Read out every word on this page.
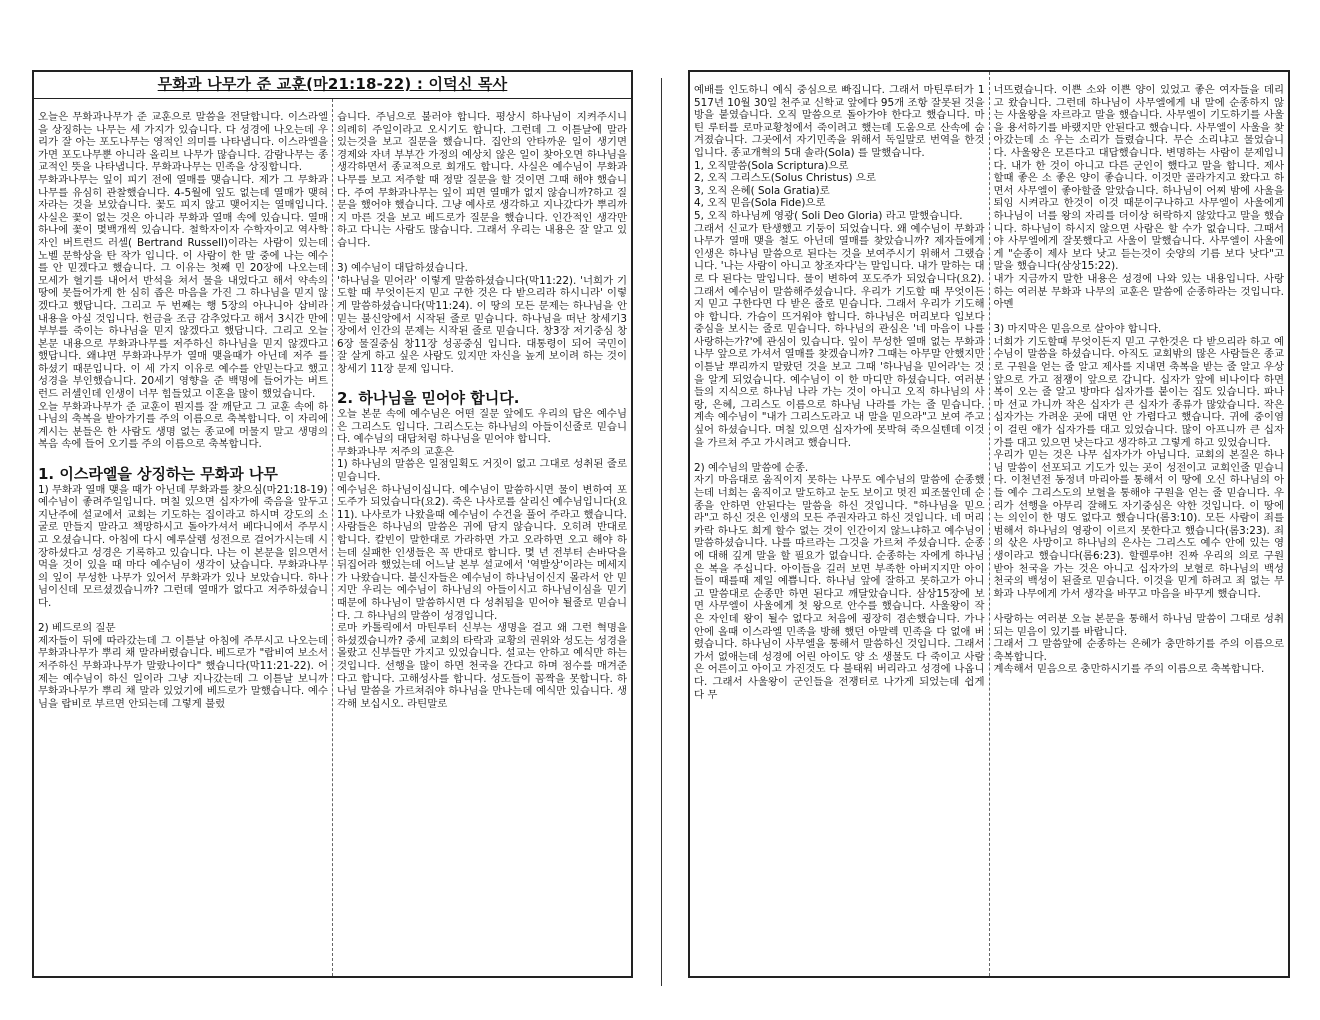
무화과 나무가 준 교훈(마21:18-22) : 이덕신 목사

오늘은 무화과나무가 준 교훈으로 말씀을 전달합니다. 이스라엘을 상징하는 나무는 세 가지가 있습니다. 다 성경에 나오는데 우리가 잘 아는 포도나무는 영적인 의미를 나타냅니다. 이스라엘을 가면 포도나무뿐 아니라 올리브 나무가 많습니다. 감람나무는 종교적인 뜻을 나타냅니다. 무화과나무는 민족을 상징합니다.

무화과나무는 잎이 피기 전에 열매를 맺습니다. 제가 그 무화과나무를 유심히 관찰했습니다. 4-5월에 잎도 없는데 열매가 맺혀 자라는 것을 보았습니다. 꽃도 피지 않고 맺어지는 열매입니다. 사실은 꽃이 없는 것은 아니라 무화과 열매 속에 있습니다. 열매 하나에 꽃이 몇백개씩 있습니다. 철학자이자 수학자이고 역사학자인 버트런드 러셀( Bertrand Russell)이라는 사람이 있는데 노벨 문학상을 탄 작가 입니다. 이 사람이 한 말 중에 나는 예수를 안 믿겠다고 했습니다. 그 이유는 첫째 민 20장에 나오는데 모세가 혈기를 내어서 반석을 쳐서 물을 내었다고 해서 약속의 땅에 못들어가게 한 심히 좁은 마음을 가진 그 하나님을 믿지 않겠다고 했답니다. 그리고 두 번째는 행 5장의 아나니아 삽비라 내용을 아실 것입니다. 헌금을 조금 감추었다고 해서 3시간 만에 부부를 죽이는 하나님을 믿지 않겠다고 했답니다. 그리고 오늘 본문 내용으로 무화과나무를 저주하신 하나님을 믿지 않겠다고 했답니다. 왜냐면 무화과나무가 열매 맺을때가 아닌데 저주 를 하셨기 때문입니다. 이 세 가지 이유로 예수를 안믿는다고 했고 성경을 부인했습니다. 20세기 영향을 준 백명에 들어가는 버트런드 러셀인데 인생이 너무 힘들었고 이혼을 많이 했었습니다.

오늘 무화과나무가 준 교훈이 뭔지를 잘 깨닫고 그 교훈 속에 하나님의 축복을 받아가기를 주의 이름으로 축복합니다. 이 자리에 계시는 분들은 한 사람도 생명 없는 종교에 머물지 말고 생명의 복음 속에 들어 오기를 주의 이름으로 축복합니다.

1. 이스라엘을 상징하는 무화과 나무

1) 무화과 열매 맺을 때가 아닌데 무화과를 찾으심(마21:18-19)

예수님이 좋려주일입니다. 며칠 있으면 십자가에 죽음을 앞두고 지난주에 설교에서 교회는 기도하는 집이라고 하시며 강도의 소굴로 만들지 말라고 책망하시고 돌아가셔서 베다니에서 주무시고 오셨습니다. 아침에 다시 예루살렘 성전으로 걸어가시는데 시장하셨다고 성경은 기록하고 있습니다. 나는 이 본문을 읽으면서 먹을 것이 있을 때 마다 예수님이 생각이 났습니다. 무화과나무의 잎이 무성한 나무가 있어서 무화과가 있나 보았습니다. 하나님이신데 모르셨겠습니까? 그런데 열매가 없다고 저주하셨습니다.

2) 베드로의 질문

제자들이 뒤에 따라갔는데 그 이튿날 아침에 주무시고 나오는데 무화과나무가 뿌리 채 말라버렸습니다. 베드로가 "랍비여 보소서 저주하신 무화과나무가 말랐나이다" 했습니다(막11:21-22). 어제는 예수님이 하신 일이라 그냥 지나갔는데 그 이튿날 보니까 무화과나무가 뿌리 채 말라 있었기에 베드로가 말했습니다. 예수님을 랍비로 부르면 안되는데 그렇게 불렀

습니다. 주님으로 불러야 합니다. 평상시 하나님이 지켜주시니 의례히 주일이라고 오시기도 합니다. 그런데 그 이튿날에 말라 있는것을 보고 질문을 했습니다. 집안의 안타까운 일이 생기면 경제와 자녀 부부간 가정의 예상치 않은 일이 찾아오면 하나님을 생각하면서 종교적으로 회개도 합니다. 사실은 예수님이 무화과나무를 보고 저주할 때 정말 질문을 할 것이면 그때 해야 했습니다. 주여 무화과나무는 잎이 피면 열매가 없지 않습니까?하고 질문을 했어야 했습니다. 그냥 예사로 생각하고 지나갔다가 뿌리까지 마른 것을 보고 베드로가 질문을 했습니다. 인간적인 생각만 하고 다니는 사람도 많습니다. 그래서 우리는 내용은 잘 알고 있습니다.

3) 예수님이 대답하셨습니다.

'하나님을 믿어라' 이렇게 말씀하셨습니다(막11:22). '너희가 기도할 때 무엇이든지 믿고 구한 것은 다 받으리라 하시니라' 이렇게 말씀하셨습니다(막11:24). 이 땅의 모든 문제는 하나님을 안 믿는 불신앙에서 시작된 줄로 믿습니다. 하나님을 떠난 창세기3장에서 인간의 문제는 시작된 줄로 믿습니다. 창3장 저기중심 창6장 물질중심 창11장 성공중심 입니다. 대통령이 되어 국민이 잘 살게 하고 싶은 사람도 있지만 자신을 높게 보이려 하는 것이 창세기 11장 문제 입니다.

2. 하나님을 믿어야 합니다.

오늘 본문 속에 예수님은 어떤 질문 앞에도 우리의 답은 예수님은 그리스도 입니다. 그리스도는 하나님의 아들이신줄로 믿습니다. 예수님의 대답처럼 하나님을 믿어야 합니다.

무화과나무 저주의 교훈은

1) 하나님의 말씀은 일점일획도 거짓이 없고 그대로 성취된 줄로 믿습니다.

예수님은 하나님이십니다. 예수님이 말씀하시면 물이 변하여 포도주가 되었습니다(요2). 죽은 나사로를 살리신 예수님입니다(요11). 나사로가 나왔을때 예수님이 수건을 풀어 주라고 했습니다. 사람들은 하나님의 말씀은 귀에 담지 않습니다. 오히려 반대로 합니다. 칼빈이 말한대로 가라하면 가고 오라하면 오고 해야 하는데 실패한 인생들은 꼭 반대로 합니다. 몇 년 전부터 손바닥을 뒤집어라 했었는데 어느날 본부 설교에서 '역발상'이라는 메세지가 나왔습니다. 불신자들은 예수님이 하나님이신지 몰라서 안 믿지만 우리는 예수님이 하나님의 아들이시고 하나님이심을 믿기 때문에 하나님이 말씀하시면 다 성취됨을 믿어야 될줄로 믿습니다. 그 하나님의 말씀이 성경입니다.

로마 카톨릭에서 마틴루터 신부는 생명을 걸고 왜 그런 혁명을 하셨겠습니까? 중세 교회의 타락과 교황의 권위와 성도는 성경을 몰랐고 신부들만 가지고 있었습니다. 설교는 안하고 예식만 하는 것입니다. 선행을 많이 하면 천국을 간다고 하며 점수를 매겨준다고 합니다. 고해성사를 합니다. 성도들이 꼼짝을 못합니다. 하나님 말씀을 가르쳐줘야 하나님을 만나는데 예식만 있습니다. 생각해 보십시오. 라틴말로

예배를 인도하니 예식 중심으로 빠집니다. 그래서 마틴루터가 1517년 10월 30일 천주교 신학교 앞에다 95개 조항 잘못된 것을 방을 붙였습니다. 오직 말씀으로 돌아가야 한다고 했습니다. 마틴 루터를 로마교황청에서 죽이려고 했는데 도움으로 산속에 숨겨졌습니다. 그곳에서 자기민족을 위해서 독일말로 번역을 한것입니다. 종교개혁의 5대 솔라(Sola) 를 말했습니다.

1, 오직말씀(Sola Scriptura)으로

2, 오직 그리스도(Solus Christus) 으로

3, 오직 은혜( Sola Gratia)로

4, 오직 믿음(Sola Fide)으로

5, 오직 하나님께 영광( Soli Deo Gloria) 라고 말했습니다.

그래서 신교가 탄생했고 기둥이 되었습니다. 왜 예수님이 무화과나무가 열매 맺을 철도 아닌데 열매를 찾았습니까? 제자들에게 인생은 하나님 말씀으로 된다는 것을 보여주시기 위해서 그랬습니다. '나는 사람이 아니고 창조자다'는 말입니다. 내가 말하는 대로 다 된다는 말입니다. 물이 변하여 포도주가 되었습니다(요2). 그래서 예수님이 말씀해주셨습니다. 우리가 기도할 때 무엇이든지 믿고 구한다면 다 받은 줄로 믿습니다. 그래서 우리가 기도해야 합니다. 가슴이 뜨거워야 합니다. 하나님은 머리보다 입보다 중심을 보시는 줄로 믿습니다. 하나님의 관심은 '네 마음이 나를 사랑하는가?'에 관심이 있습니다. 잎이 무성한 열매 없는 무화과나무 앞으로 가셔서 열매를 찾겠습니까? 그때는 아무말 안했지만 이튿날 뿌리까지 말랐던 것을 보고 그때 '하나님을 믿어라'는 것을 알게 되었습니다. 예수님이 이 한 마디만 하셨습니다. 여러분들의 지식으로 하나님 나라 가는 것이 아니고 오직 하나님의 사랑, 은혜, 그리스도 이름으로 하나님 나라를 가는 줄 믿습니다. 계속 예수님이 "내가 그리스도라고 내 말을 믿으라"고 보여 주고 싶어 하셨습니다. 며칠 있으면 십자가에 못박혀 죽으실텐데 이것을 가르쳐 주고 가시려고 했습니다.

2) 예수님의 말씀에 순종.

자기 마음대로 움직이지 못하는 나무도 예수님의 말씀에 순종했는데 너희는 움직이고 말도하고 눈도 보이고 멋진 피조물인데 순종을 안하면 안된다는 말씀을 하신 것입니다. "하나님을 믿으라"고 하신 것은 인생의 모든 주권자라고 하신 것입니다. 네 머리카락 하나도 희게 할수 없는 것이 인간이지 않느냐하고 예수님이 말씀하셨습니다. 나를 따르라는 그것을 가르쳐 주셨습니다. 순종에 대해 깊게 말을 할 필요가 없습니다. 순종하는 자에게 하나님은 복을 주십니다. 아이들을 길러 보면 부족한 아버지지만 아이들이 때를때 제일 예쁩니다. 하나님 앞에 잘하고 못하고가 아니고 말씀대로 순종만 하면 된다고 깨달았습니다. 삼상15장에 보면 사무엘이 사울에게 첫 왕으로 안수를 했습니다. 사울왕이 작은 자인데 왕이 될수 없다고 처음에 굉장히 겸손했습니다. 가나안에 올때 이스라엘 민족을 방해 했던 아말렉 민족을 다 없애 버렸습니다. 하나님이 사무엘을 통해서 말씀하신 것입니다. 그래서 가서 없애는데 성경에 어린 아이도 양 소 생물도 다 죽이고 사람은 어른이고 아이고 가진것도 다 불태워 버리라고 성경에 나옵니다. 그래서 사울왕이 군인들을 전쟁터로 나가게 되었는데 쉽게 다 무

너뜨렸습니다. 이쁜 소와 이쁜 양이 있었고 좋은 여자들을 데리고 왔습니다. 그런데 하나님이 사무엘에게 내 말에 순종하지 않는 사울왕을 자르라고 말을 했습니다. 사무엘이 기도하기를 사울을 용서하기를 바랬지만 안된다고 했습니다. 사무엘이 사울을 찾아갔는데 소 우는 소리가 들렸습니다. 무슨 소리냐고 물었습니다. 사울왕은 모른다고 대답했습니다. 변명하는 사람이 문제입니다. 내가 한 것이 아니고 다른 군인이 했다고 말을 합니다. 제사 할때 좋은 소 좋은 양이 좋습니다. 이것만 골라가지고 왔다고 하면서 사무엘이 좋아할줄 알았습니다. 하나님이 어찌 밤에 사울을 퇴임 시켜라고 한것이 이것 때문이구나하고 사무엘이 사울에게 하나님이 너를 왕의 자리를 더이상 허락하지 않았다고 말을 했습니다. 하나님이 하시지 않으면 사람은 할 수가 없습니다. 그때서야 사무엘에게 잘못했다고 사울이 말했습니다. 사무엘이 사울에게 "순종이 제사 보다 낫고 듣는것이 숫양의 기름 보다 낫다"고 말을 했습니다(삼상15:22).

내가 지금까지 말한 내용은 성경에 나와 있는 내용입니다. 사랑하는 여러분 무화과 나무의 교훈은 말씀에 순종하라는 것입니다. 아멘

3) 마지막은 믿음으로 살아야 합니다.

너희가 기도할때 무엇이든지 믿고 구한것은 다 받으리라 하고 예수님이 말씀을 하셨습니다. 아직도 교회밖의 많은 사람들은 종교로 구원을 얻는 줄 알고 제사를 지내면 축복을 받는 줄 알고 우상앞으로 가고 점쟁이 앞으로 갑니다. 십자가 앞에 비나이다 하면 복이 오는 줄 알고 방마다 십자가를 붙이는 집도 있습니다. 파나마 선교 가니까 작은 십자가 큰 십자가 종류가 많았습니다. 작은 십자가는 가려운 곳에 대면 안 가렵다고 했습니다. 귀에 중이염이 걸린 애가 십자가를 대고 있었습니다. 많이 아프니까 큰 십자가를 대고 있으면 낫는다고 생각하고 그렇게 하고 있었습니다.

우리가 믿는 것은 나무 십자가가 아닙니다. 교회의 본질은 하나님 말씀이 선포되고 기도가 있는 곳이 성전이고 교회인줄 믿습니다. 이천년전 동정녀 마리아를 통해서 이 땅에 오신 하나님의 아들 예수 그리스도의 보혈을 통해야 구원을 얻는 줄 믿습니다. 우리가 선행을 아무리 잘해도 자기중심은 악한 것입니다. 이 땅에는 의인이 한 명도 없다고 했습니다(롬3:10). 모든 사람이 죄를 범해서 하나님의 영광이 이르지 못한다고 했습니다(롬3:23). 죄의 삯은 사망이고 하나님의 은사는 그리스도 예수 안에 있는 영생이라고 했습니다(롬6:23). 할렐루야! 진짜 우리의 의로 구원 받아 천국을 가는 것은 아니고 십자가의 보혈로 하나님의 백성 천국의 백성이 된줄로 믿습니다. 이것을 믿게 하려고 죄 없는 무화과 나무에게 가서 생각을 바꾸고 마음을 바꾸게 했습니다.

사랑하는 여러분 오늘 본문을 통해서 하나님 말씀이 그대로 성취되는 믿음이 있기를 바랍니다.

그래서 그 말씀앞에 순종하는 은혜가 충만하기를 주의 이름으로 축복합니다.

계속해서 믿음으로 충만하시기를 주의 이름으로 축복합니다.
